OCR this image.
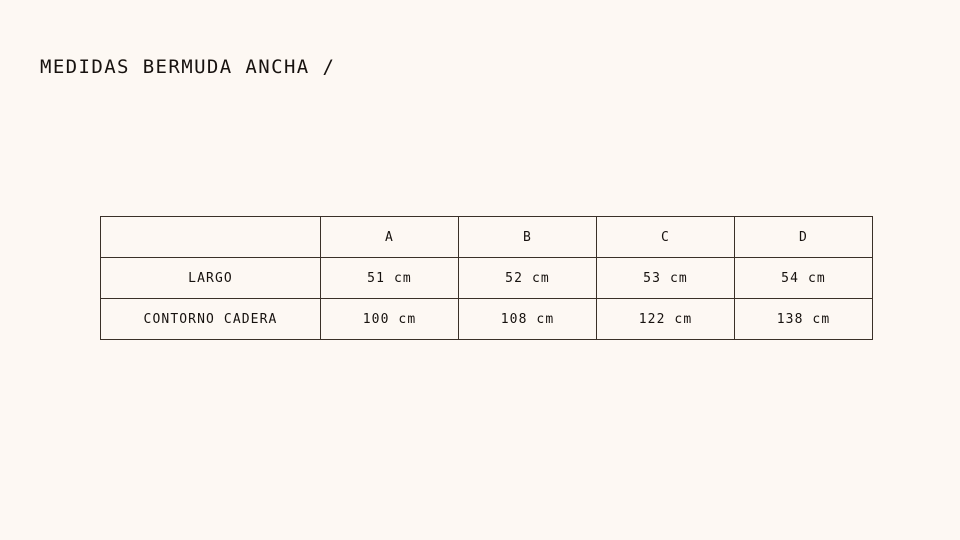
MEDIDAS BERMUDA ANCHA /
	A	B	C	D
LARGO	51 cm	52 cm	53 cm	54 cm
CONTORNO CADERA	100 cm	108 cm	122 cm	138 cm
